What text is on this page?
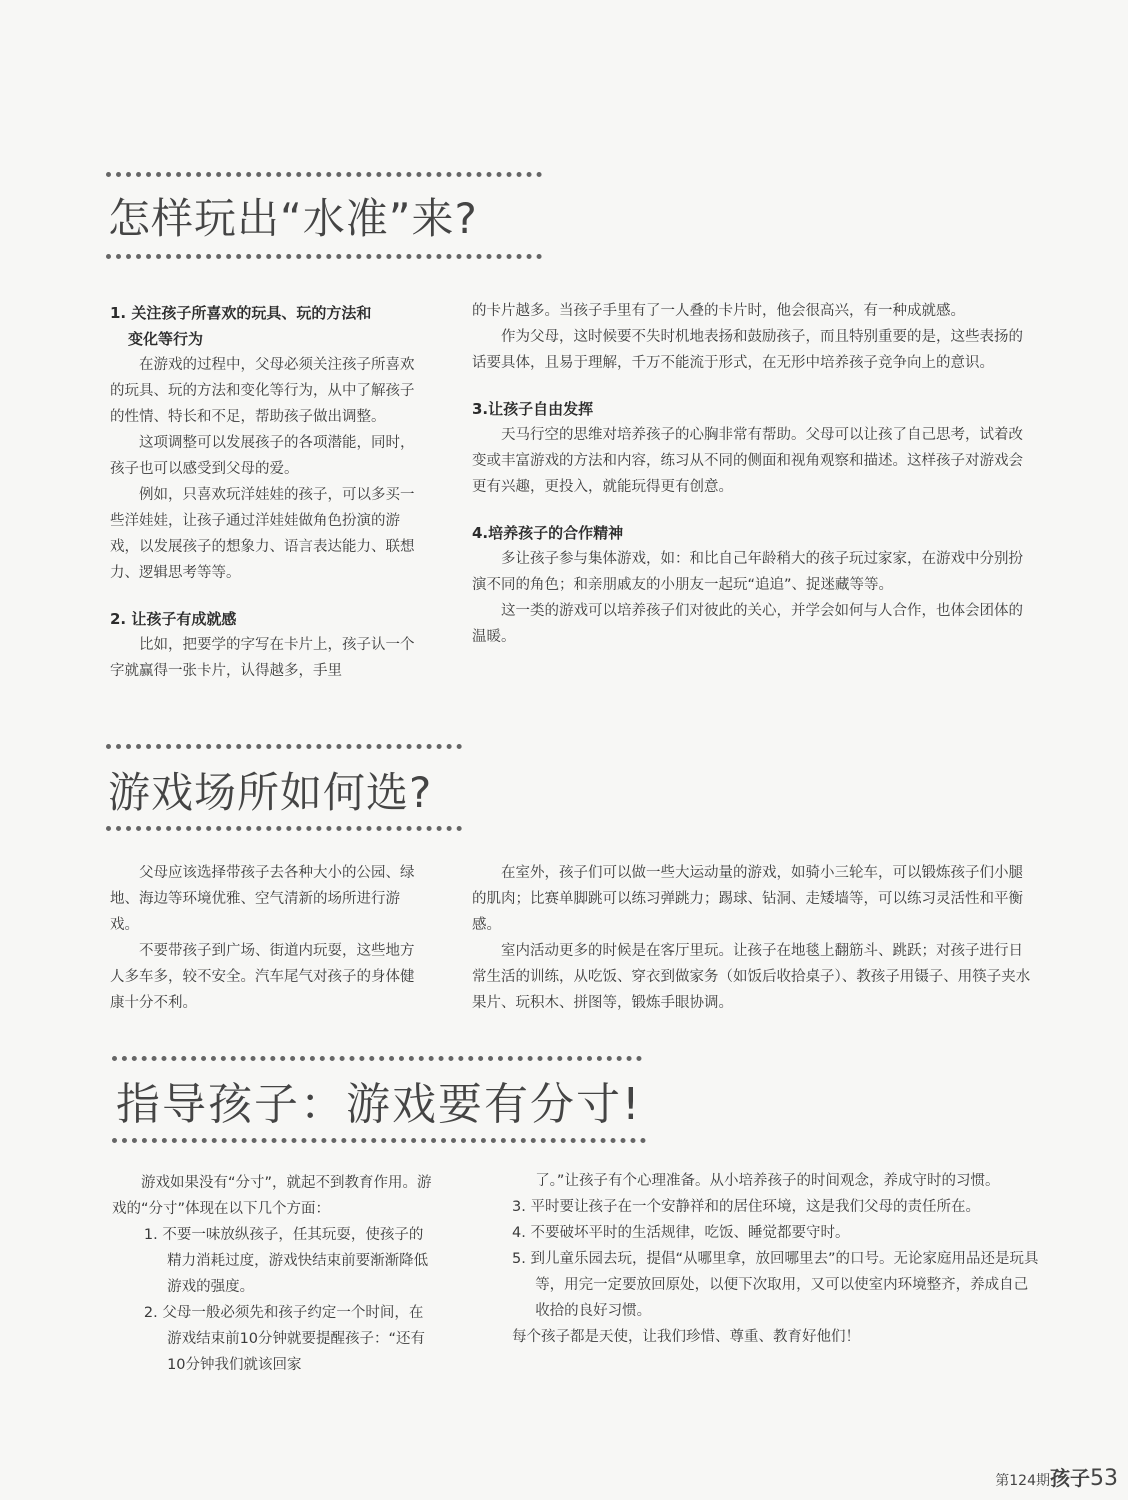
怎样玩出“水准”来?
1. 关注孩子所喜欢的玩具、玩的方法和
变化等行为

在游戏的过程中，父母必须关注孩子所喜欢的玩具、玩的方法和变化等行为，从中了解孩子的性情、特长和不足，帮助孩子做出调整。

这项调整可以发展孩子的各项潜能，同时，孩子也可以感受到父母的爱。

例如，只喜欢玩洋娃娃的孩子，可以多买一些洋娃娃，让孩子通过洋娃娃做角色扮演的游戏，以发展孩子的想象力、语言表达能力、联想力、逻辑思考等等。

2. 让孩子有成就感

比如，把要学的字写在卡片上，孩子认一个字就赢得一张卡片，认得越多，手里

的卡片越多。当孩子手里有了一人叠的卡片时，他会很高兴，有一种成就感。

作为父母，这时候要不失时机地表扬和鼓励孩子，而且特别重要的是，这些表扬的话要具体，且易于理解，千万不能流于形式，在无形中培养孩子竞争向上的意识。

3.让孩子自由发挥

天马行空的思维对培养孩子的心胸非常有帮助。父母可以让孩了自己思考，试着改变或丰富游戏的方法和内容，练习从不同的侧面和视角观察和描述。这样孩子对游戏会更有兴趣，更投入，就能玩得更有创意。

4.培养孩子的合作精神

多让孩子参与集体游戏，如：和比自己年龄稍大的孩子玩过家家，在游戏中分别扮演不同的角色；和亲朋戚友的小朋友一起玩“追追”、捉迷藏等等。

这一类的游戏可以培养孩子们对彼此的关心，并学会如何与人合作，也体会团体的温暖。

游戏场所如何选?

父母应该选择带孩子去各种大小的公园、绿地、海边等环境优雅、空气清新的场所进行游戏。

不要带孩子到广场、街道内玩耍，这些地方人多车多，较不安全。汽车尾气对孩子的身体健康十分不利。

在室外，孩子们可以做一些大运动量的游戏，如骑小三轮车，可以锻炼孩子们小腿的肌肉；比赛单脚跳可以练习弹跳力；踢球、钻洞、走矮墙等，可以练习灵活性和平衡感。

室内活动更多的时候是在客厅里玩。让孩子在地毯上翻筋斗、跳跃；对孩子进行日常生活的训练，从吃饭、穿衣到做家务（如饭后收拾桌子）、教孩子用镊子、用筷子夹水果片、玩积木、拼图等，锻炼手眼协调。

指导孩子：游戏要有分寸!

游戏如果没有“分寸”，就起不到教育作用。游戏的“分寸”体现在以下几个方面：

1. 不要一味放纵孩子，任其玩耍，使孩子的精力消耗过度，游戏快结束前要渐渐降低游戏的强度。
2. 父母一般必须先和孩子约定一个时间，在游戏结束前10分钟就要提醒孩子：“还有10分钟我们就该回家

了。”让孩子有个心理准备。从小培养孩子的时间观念，养成守时的习惯。

3. 平时要让孩子在一个安静祥和的居住环境，这是我们父母的责任所在。
4. 不要破坏平时的生活规律，吃饭、睡觉都要守时。
5. 到儿童乐园去玩，提倡“从哪里拿，放回哪里去”的口号。无论家庭用品还是玩具等，用完一定要放回原处，以便下次取用，又可以使室内环境整齐，养成自己收拾的良好习惯。

每个孩子都是天使，让我们珍惜、尊重、教育好他们！

第124期孩子53
